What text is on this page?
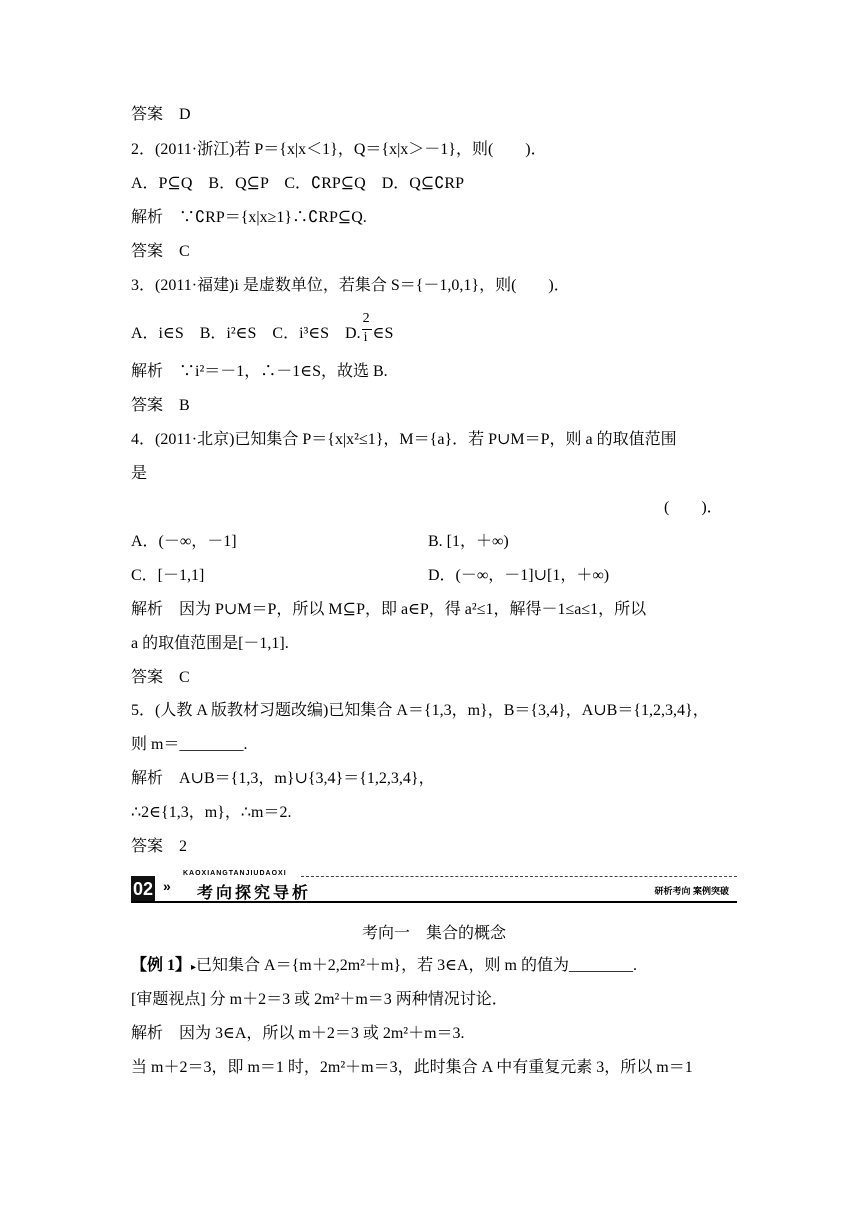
答案　D
2．(2011·浙江)若 P＝{x|x＜1}，Q＝{x|x＞－1}，则(　　)．
A．P⊆Q　B．Q⊆P　C．∁RP⊆Q　D．Q⊆∁RP
解析　∵∁RP＝{x|x≥1}∴∁RP⊆Q.
答案　C
3．(2011·福建)i 是虚数单位，若集合 S＝{－1,0,1}，则(　　)．
A．i∈S　B．i²∈S　C．i³∈S　D. $\frac{2}{i}$ ∈S
解析　∵i²＝－1，∴－1∈S，故选 B.
答案　B
4．(2011·北京)已知集合 P＝{x|x²≤1}，M＝{a}．若 P∪M＝P，则 a 的取值范围
是
(　　)．
A．(－∞，－1]	B. [1，＋∞)
C．[－1,1]	D．(－∞，－1]∪[1，＋∞)
解析　因为 P∪M＝P，所以 M⊆P，即 a∈P，得 a²≤1，解得－1≤a≤1，所以
a 的取值范围是[－1,1].
答案　C
5．(人教 A 版教材习题改编)已知集合 A＝{1,3，m}，B＝{3,4}，A∪B＝{1,2,3,4}，
则 m＝________.
解析　A∪B＝{1,3，m}∪{3,4}＝{1,2,3,4}，
∴2∈{1,3，m}，∴m＝2.
答案　2
KAOXIANGTANJIUDAOXI
02 » 考向探究导析	研析考向 案例突破
考向一　集合的概念
【例 1】▸已知集合 A＝{m＋2,2m²＋m}，若 3∈A，则 m 的值为________.
[审题视点] 分 m＋2＝3 或 2m²＋m＝3 两种情况讨论．
解析　因为 3∈A，所以 m＋2＝3 或 2m²＋m＝3.
当 m＋2＝3，即 m＝1 时，2m²＋m＝3，此时集合 A 中有重复元素 3，所以 m＝1
